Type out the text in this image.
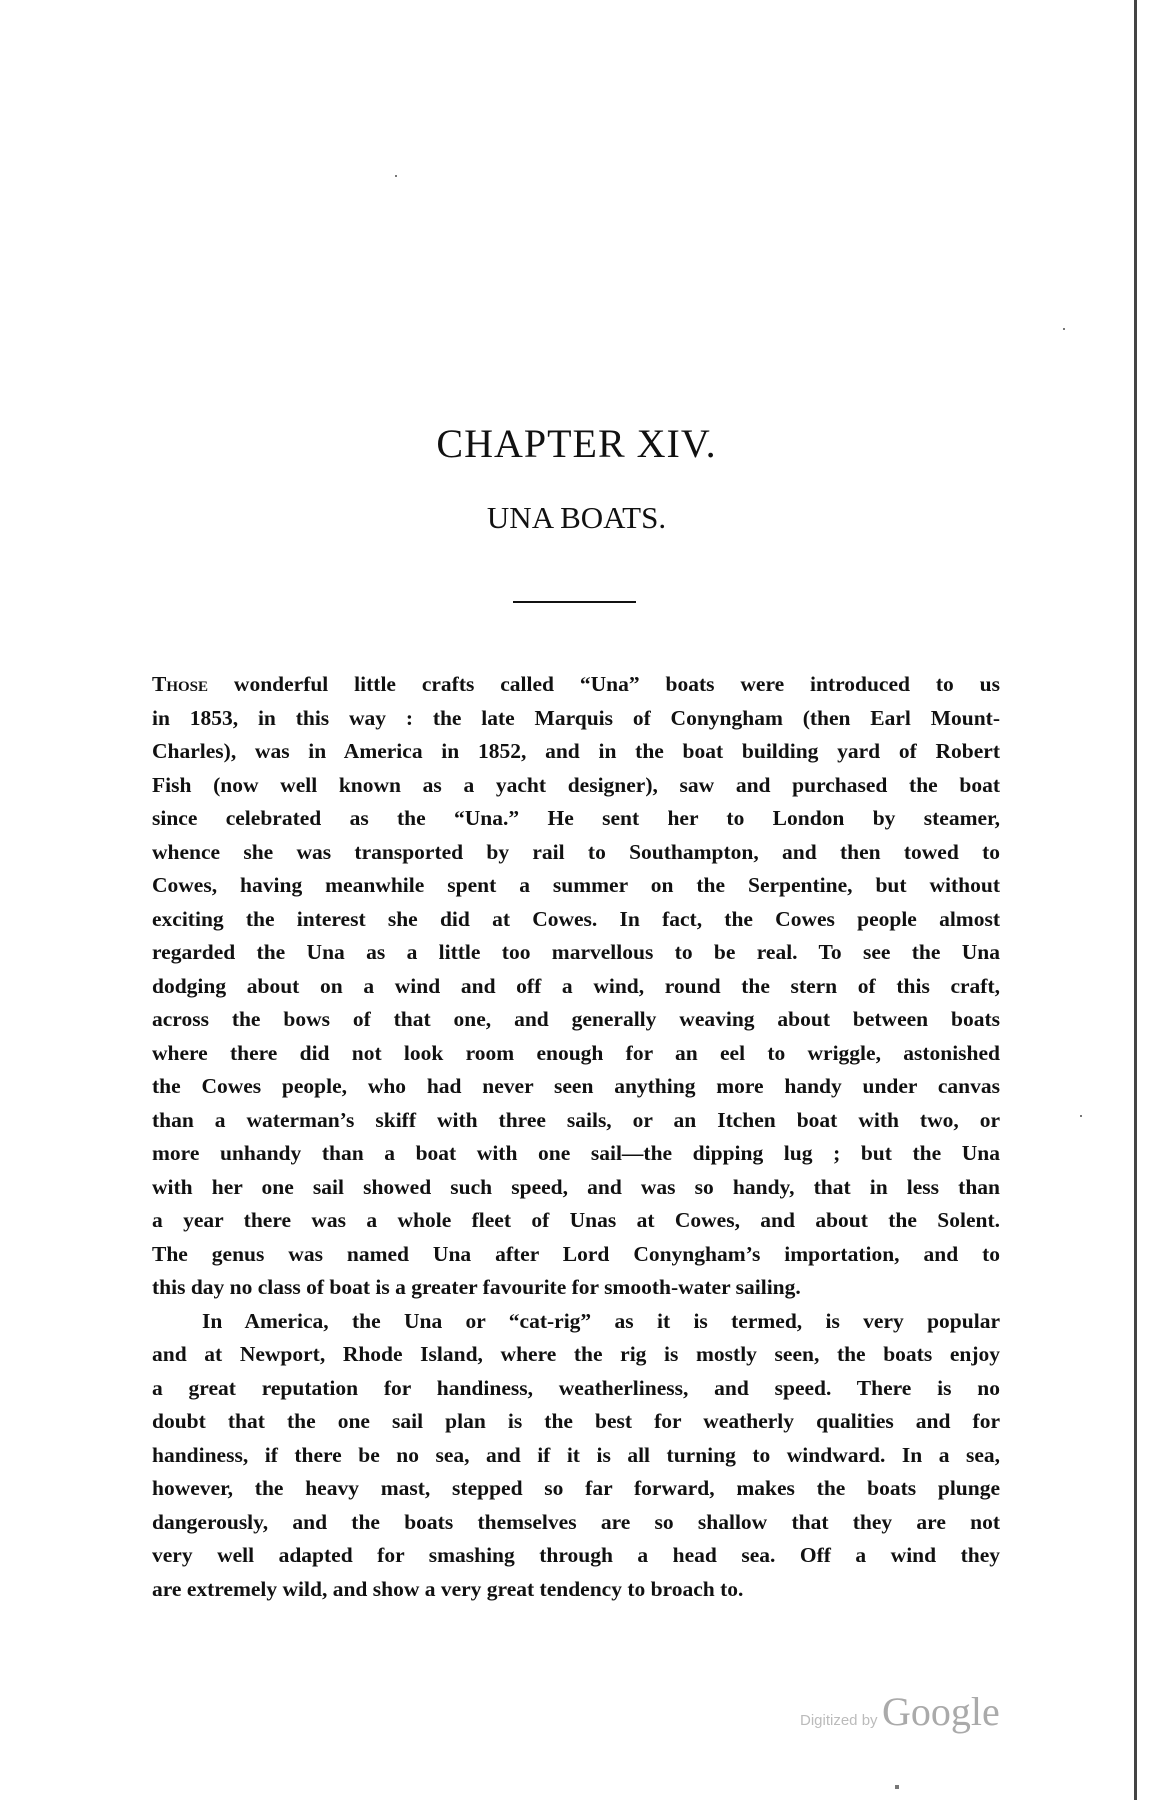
CHAPTER XIV.
UNA BOATS.
Those wonderful little crafts called “Una” boats were introduced to us
in 1853, in this way : the late Marquis of Conyngham (then Earl Mount-
Charles), was in America in 1852, and in the boat building yard of Robert
Fish (now well known as a yacht designer), saw and purchased the boat
since celebrated as the “Una.” He sent her to London by steamer,
whence she was transported by rail to Southampton, and then towed to
Cowes, having meanwhile spent a summer on the Serpentine, but without
exciting the interest she did at Cowes. In fact, the Cowes people almost
regarded the Una as a little too marvellous to be real. To see the Una
dodging about on a wind and off a wind, round the stern of this craft,
across the bows of that one, and generally weaving about between boats
where there did not look room enough for an eel to wriggle, astonished
the Cowes people, who had never seen anything more handy under canvas
than a waterman’s skiff with three sails, or an Itchen boat with two, or
more unhandy than a boat with one sail—the dipping lug ; but the Una
with her one sail showed such speed, and was so handy, that in less than
a year there was a whole fleet of Unas at Cowes, and about the Solent.
The genus was named Una after Lord Conyngham’s importation, and to
this day no class of boat is a greater favourite for smooth-water sailing.
In America, the Una or “cat-rig” as it is termed, is very popular
and at Newport, Rhode Island, where the rig is mostly seen, the boats enjoy
a great reputation for handiness, weatherliness, and speed. There is no
doubt that the one sail plan is the best for weatherly qualities and for
handiness, if there be no sea, and if it is all turning to windward. In a sea,
however, the heavy mast, stepped so far forward, makes the boats plunge
dangerously, and the boats themselves are so shallow that they are not
very well adapted for smashing through a head sea. Off a wind they
are extremely wild, and show a very great tendency to broach to.
Digitized by Google
